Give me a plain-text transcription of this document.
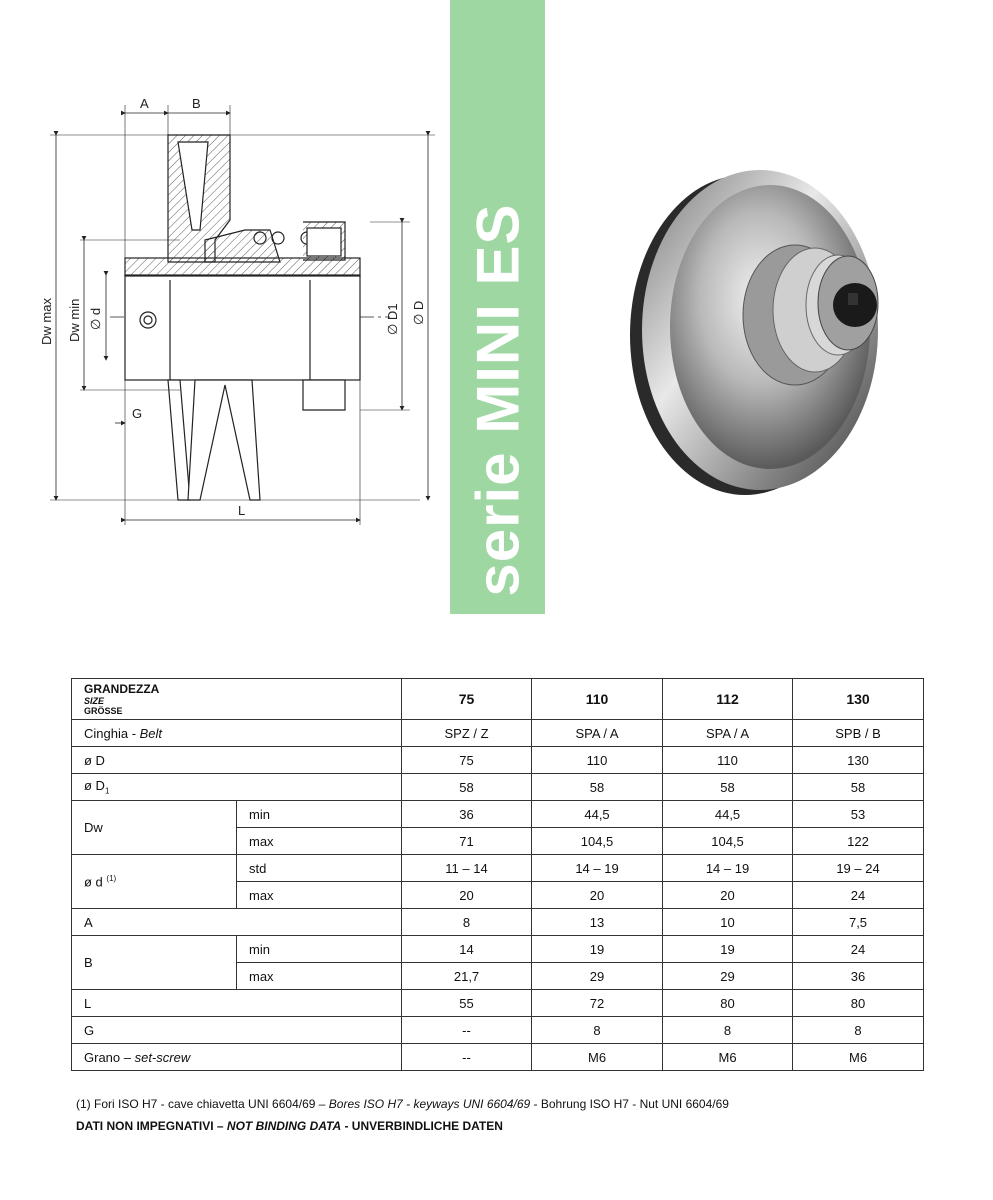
A	B
G
L
Dw max Dw min ∅ d	∅ D1 ∅ D serie MINI ES
GRANDEZZA
SIZE
GRÖSSE		75	110	112	130
Cinghia - Belt		SPZ / Z	SPA / A	SPA / A	SPB / B
ø D		75	110	110	130
ø $D_1$		58	58	58	58
Dw	min	36	44,5	44,5	53
	max	71	104,5	104,5	122
ø d $^{(1)}$	std	11 – 14	14 – 19	14 – 19	19 – 24
	max	20	20	20	24
A		8	13	10	7,5
B	min	14	19	19	24
	max	21,7	29	29	36
L		55	72	80	80
G		--	8	8	8
Grano – set-screw		--	M6	M6	M6
(1) Fori ISO H7 - cave chiavetta UNI 6604/69 – Bores ISO H7 - keyways UNI 6604/69 - Bohrung ISO H7 - Nut UNI 6604/69
DATI NON IMPEGNATIVI – NOT BINDING DATA - UNVERBINDLICHE DATEN
